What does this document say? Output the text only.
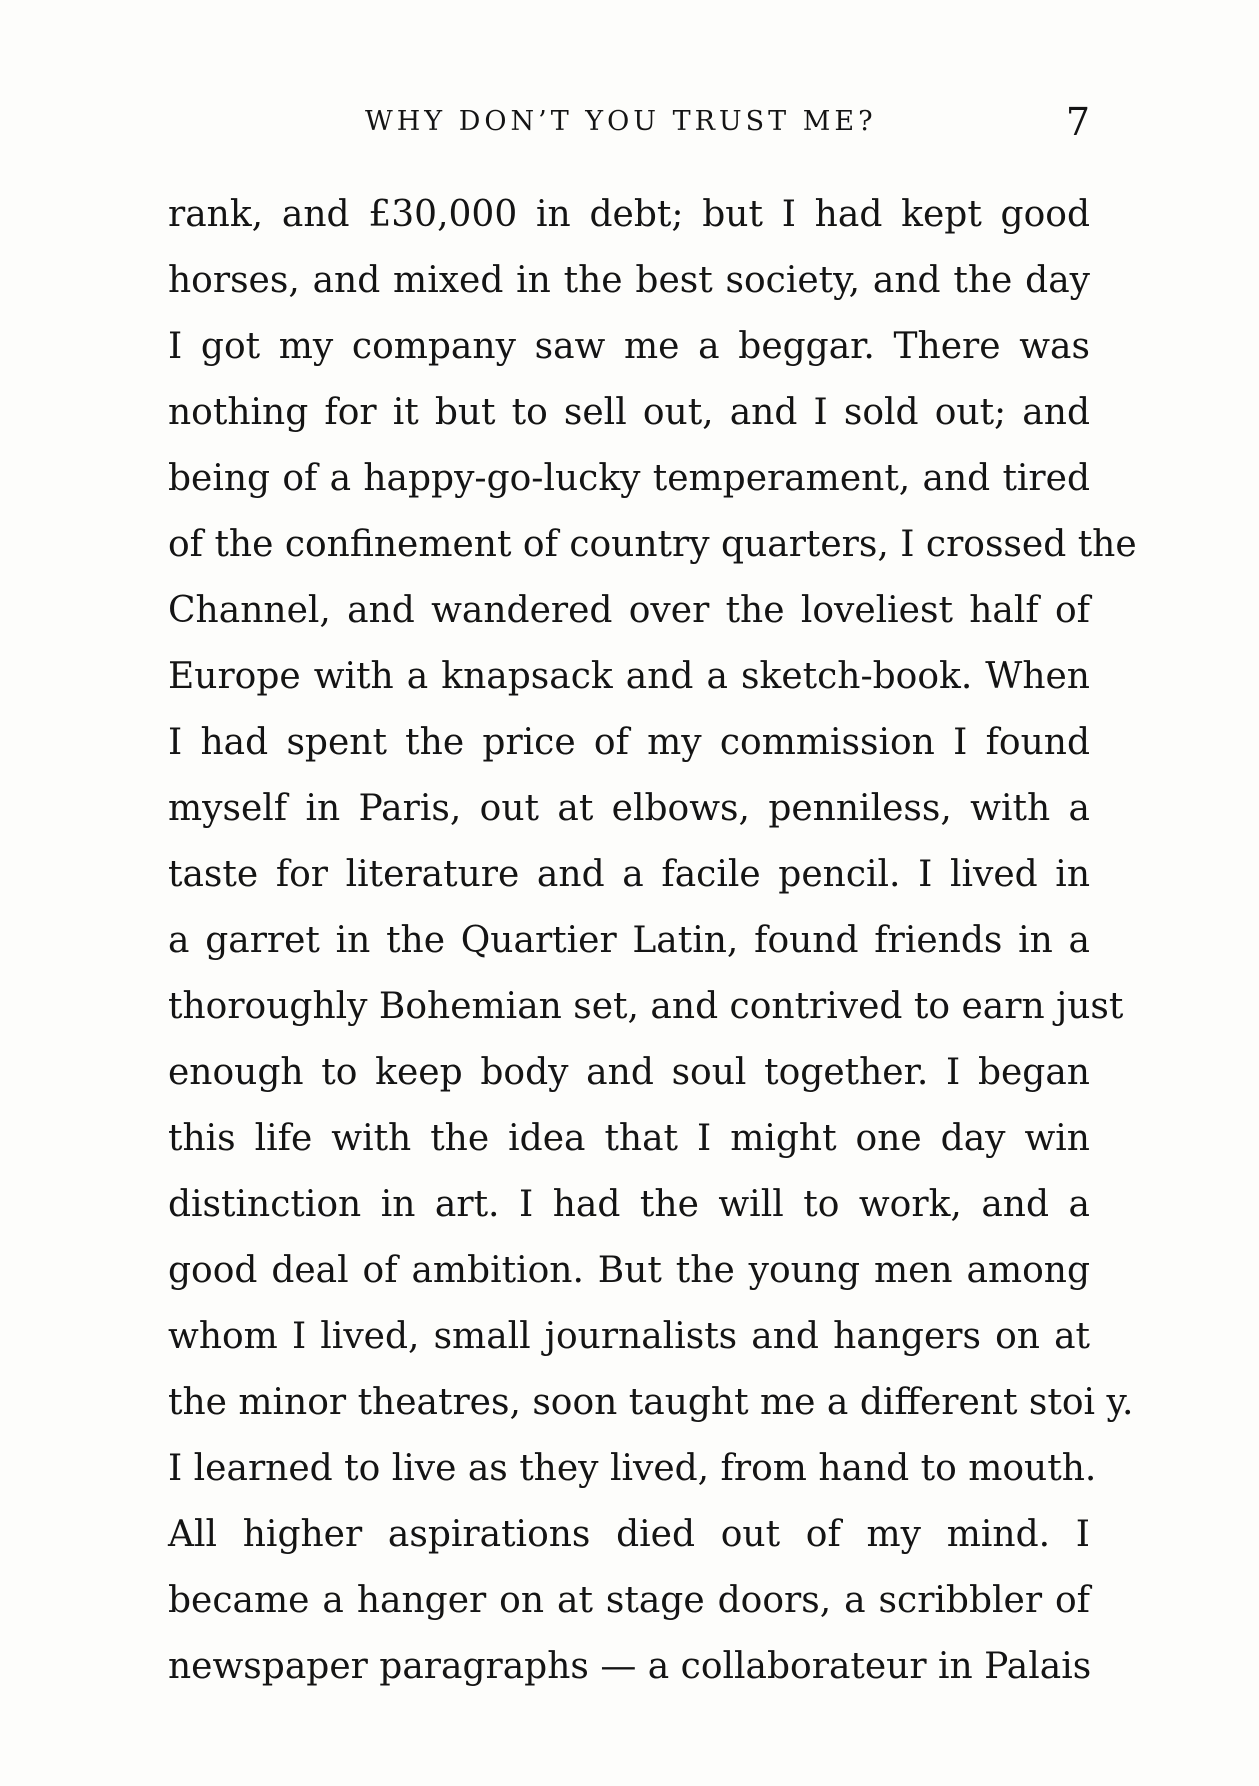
WHY DON’T YOU TRUST ME?	7
rank, and £30,000 in debt; but I had kept good
horses, and mixed in the best society, and the day
I got my company saw me a beggar. There was
nothing for it but to sell out, and I sold out; and
being of a happy-go-lucky temperament, and tired
of the confinement of country quarters, I crossed the
Channel, and wandered over the loveliest half of
Europe with a knapsack and a sketch-book. When
I had spent the price of my commission I found
myself in Paris, out at elbows, penniless, with a
taste for literature and a facile pencil. I lived in
a garret in the Quartier Latin, found friends in a
thoroughly Bohemian set, and contrived to earn just
enough to keep body and soul together. I began
this life with the idea that I might one day win
distinction in art. I had the will to work, and a
good deal of ambition. But the young men among
whom I lived, small journalists and hangers on at
the minor theatres, soon taught me a different stoi y.
I learned to live as they lived, from hand to mouth.
All higher aspirations died out of my mind. I
became a hanger on at stage doors, a scribbler of
newspaper paragraphs — a collaborateur in Palais
